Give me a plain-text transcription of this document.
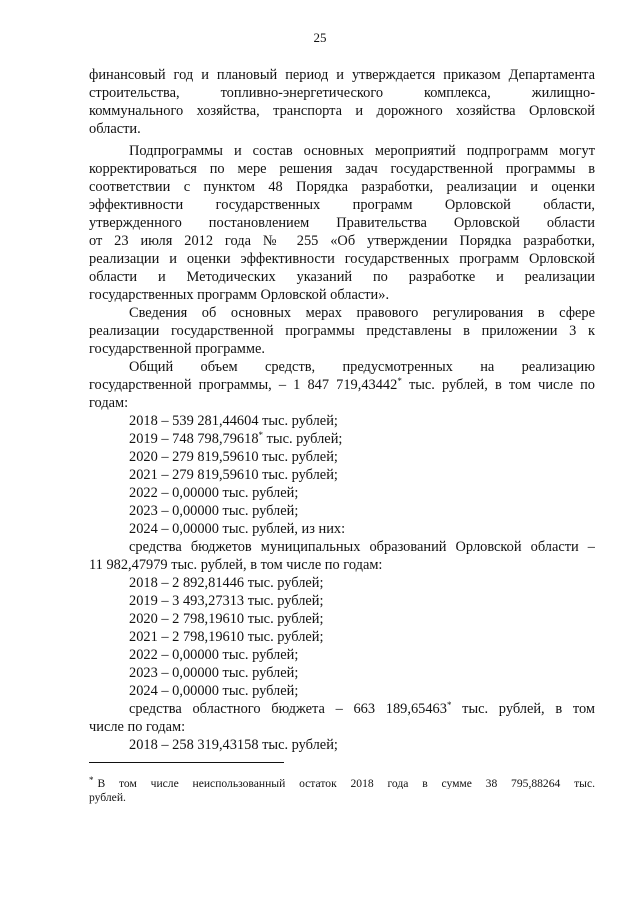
25
финансовый год и плановый период и утверждается приказом Департамента
строительства, топливно-энергетического комплекса, жилищно-
коммунального хозяйства, транспорта и дорожного хозяйства Орловской
области.
Подпрограммы и состав основных мероприятий подпрограмм могут
корректироваться по мере решения задач государственной программы в
соответствии с пунктом 48 Порядка разработки, реализации и оценки
эффективности государственных программ Орловской области,
утвержденного постановлением Правительства Орловской области
от 23 июля 2012 года № 255 «Об утверждении Порядка разработки,
реализации и оценки эффективности государственных программ Орловской
области и Методических указаний по разработке и реализации
государственных программ Орловской области».
Сведения об основных мерах правового регулирования в сфере
реализации государственной программы представлены в приложении 3 к
государственной программе.
Общий объем средств, предусмотренных на реализацию
государственной программы, – 1 847 719,43442* тыс. рублей, в том числе по
годам:
2018 – 539 281,44604 тыс. рублей;
2019 – 748 798,79618* тыс. рублей;
2020 – 279 819,59610 тыс. рублей;
2021 – 279 819,59610 тыс. рублей;
2022 – 0,00000 тыс. рублей;
2023 – 0,00000 тыс. рублей;
2024 – 0,00000 тыс. рублей, из них:
средства бюджетов муниципальных образований Орловской области –
11 982,47979 тыс. рублей, в том числе по годам:
2018 – 2 892,81446 тыс. рублей;
2019 – 3 493,27313 тыс. рублей;
2020 – 2 798,19610 тыс. рублей;
2021 – 2 798,19610 тыс. рублей;
2022 – 0,00000 тыс. рублей;
2023 – 0,00000 тыс. рублей;
2024 – 0,00000 тыс. рублей;
средства областного бюджета – 663 189,65463* тыс. рублей, в том
числе по годам:
2018 – 258 319,43158 тыс. рублей;
* В том числе неиспользованный остаток 2018 года в сумме 38 795,88264 тыс.
рублей.
